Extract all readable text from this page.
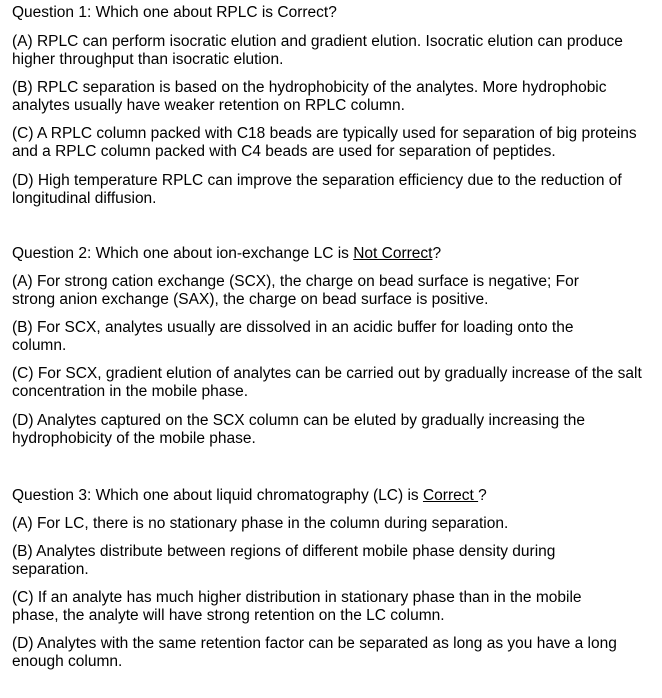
Question 1: Which one about RPLC is Correct?

(A) RPLC can perform isocratic elution and gradient elution. Isocratic elution can produce higher throughput than isocratic elution.

(B) RPLC separation is based on the hydrophobicity of the analytes. More hydrophobic analytes usually have weaker retention on RPLC column.

(C) A RPLC column packed with C18 beads are typically used for separation of big proteins and a RPLC column packed with C4 beads are used for separation of peptides.

(D) High temperature RPLC can improve the separation efficiency due to the reduction of longitudinal diffusion.

Question 2: Which one about ion-exchange LC is Not Correct?

(A) For strong cation exchange (SCX), the charge on bead surface is negative; For strong anion exchange (SAX), the charge on bead surface is positive.

(B) For SCX, analytes usually are dissolved in an acidic buffer for loading onto the column.

(C) For SCX, gradient elution of analytes can be carried out by gradually increase of the salt concentration in the mobile phase.

(D) Analytes captured on the SCX column can be eluted by gradually increasing the hydrophobicity of the mobile phase.

Question 3: Which one about liquid chromatography (LC) is Correct ?

(A) For LC, there is no stationary phase in the column during separation.

(B) Analytes distribute between regions of different mobile phase density during separation.

(C) If an analyte has much higher distribution in stationary phase than in the mobile phase, the analyte will have strong retention on the LC column.

(D) Analytes with the same retention factor can be separated as long as you have a long enough column.
